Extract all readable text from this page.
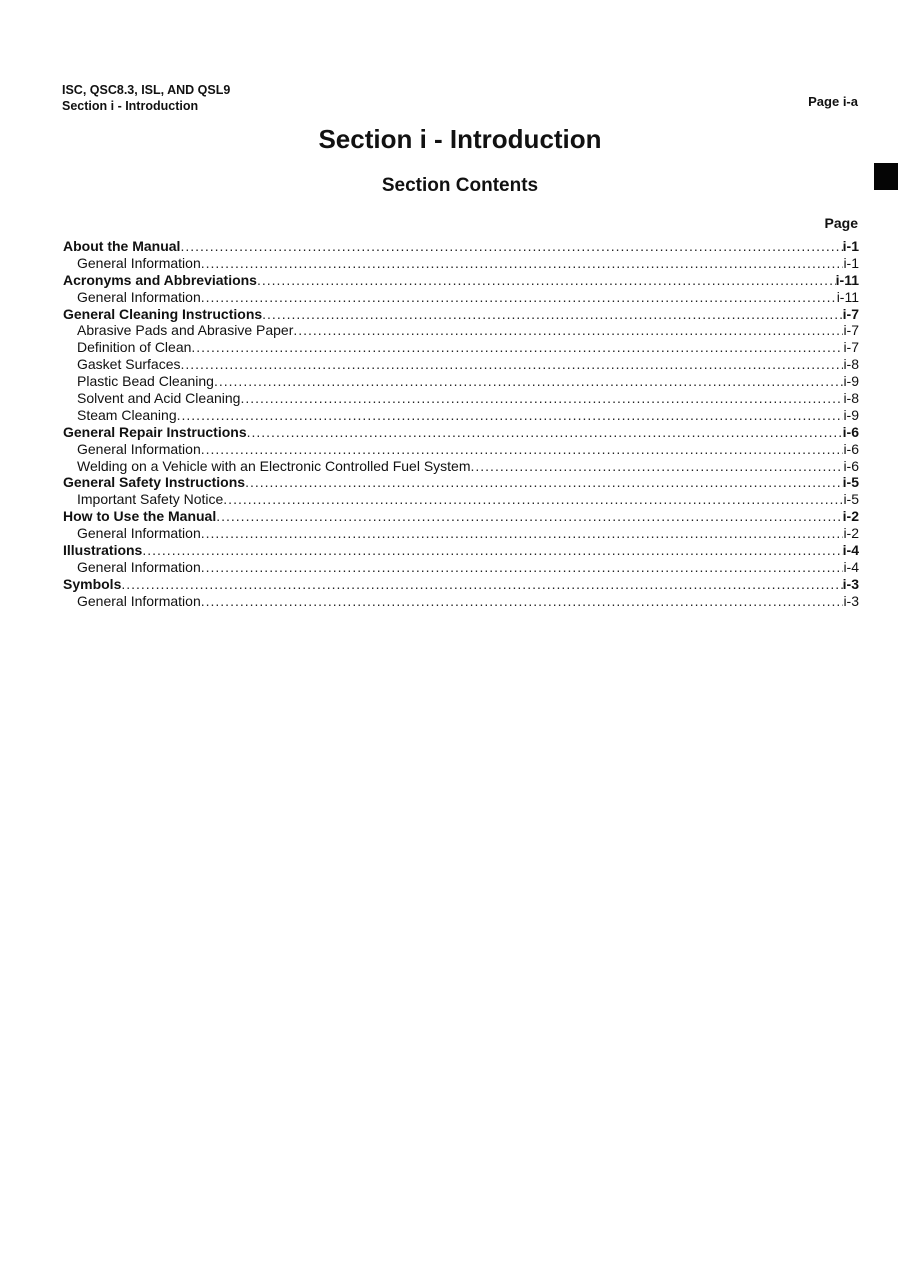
ISC, QSC8.3, ISL, AND QSL9
Section i - Introduction	Page i-a
Section i - Introduction
Section Contents
Page
About the Manual .....	i-1
General Information .....	i-1
Acronyms and Abbreviations .....	i-11
General Information .....	i-11
General Cleaning Instructions .....	i-7
Abrasive Pads and Abrasive Paper .....	i-7
Definition of Clean .....	i-7
Gasket Surfaces .....	i-8
Plastic Bead Cleaning .....	i-9
Solvent and Acid Cleaning .....	i-8
Steam Cleaning .....	i-9
General Repair Instructions .....	i-6
General Information .....	i-6
Welding on a Vehicle with an Electronic Controlled Fuel System .....	i-6
General Safety Instructions .....	i-5
Important Safety Notice .....	i-5
How to Use the Manual .....	i-2
General Information .....	i-2
Illustrations .....	i-4
General Information .....	i-4
Symbols .....	i-3
General Information .....	i-3
